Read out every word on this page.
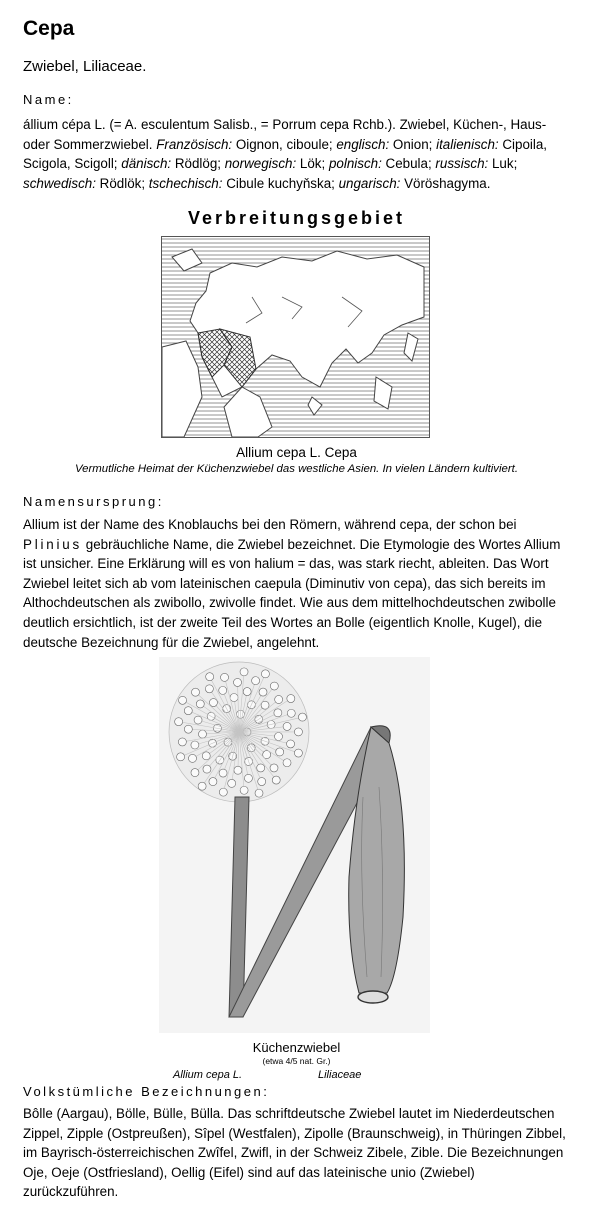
Cepa

Zwiebel, Liliaceae.

Name:

állium cépa L. (= A. esculentum Salisb., = Porrum cepa Rchb.). Zwiebel, Küchen-, Haus- oder Sommerzwiebel. Französisch: Oignon, ciboule; englisch: Onion; italienisch: Cipoila, Scigola, Scigoll; dänisch: Rödlög; norwegisch: Lök; polnisch: Cebula; russisch: Luk; schwedisch: Rödlök; tschechisch: Cibule kuchyňska; ungarisch: Vöröshagyma.

Verbreitungsgebiet

Allium cepa L. Cepa

Vermutliche Heimat der Küchenzwiebel das westliche Asien. In vielen Ländern kultiviert.

Namensursprung:

Allium ist der Name des Knoblauchs bei den Römern, während cepa, der schon bei Plinius gebräuchliche Name, die Zwiebel bezeichnet. Die Etymologie des Wortes Allium ist unsicher. Eine Erklärung will es von halium = das, was stark riecht, ableiten. Das Wort Zwiebel leitet sich ab vom lateinischen caepula (Diminutiv von cepa), das sich bereits im Althochdeutschen als zwibollo, zwivolle findet. Wie aus dem mittelhochdeutschen zwibolle deutlich ersichtlich, ist der zweite Teil des Wortes an Bolle (eigentlich Knolle, Kugel), die deutsche Bezeichnung für die Zwiebel, angelehnt.

Küchenzwiebel

(etwa 4/5 nat. Gr.)

Allium cepa L.	Liliaceae

Volkstümliche Bezeichnungen:

Bôlle (Aargau), Bölle, Bülle, Bülla. Das schriftdeutsche Zwiebel lautet im Niederdeutschen Zippel, Zipple (Ostpreußen), Sîpel (Westfalen), Zipolle (Braunschweig), in Thüringen Zibbel, im Bayrisch-österreichischen Zwîfel, Zwifl, in der Schweiz Zibele, Zible. Die Bezeichnungen Oje, Oeje (Ostfriesland), Oellig (Eifel) sind auf das lateinische unio (Zwiebel) zurückzuführen.
